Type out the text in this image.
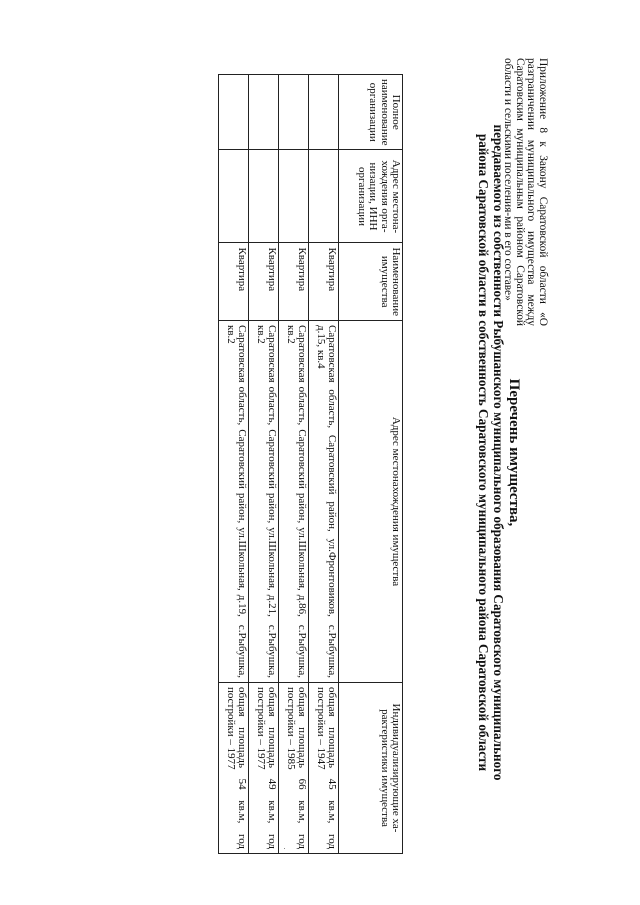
Приложение 8 к Закону Саратовской области «О разграничении муниципального имущества между Саратовским муниципальным районом Саратовской области и сельскими поселения-ми в его составе»
Перечень имущества,
передаваемого из собственности Рыбушанского муниципального образования Саратовского муниципального
района Саратовской области в собственность Саратовского муниципального района Саратовской области
Полное наименование организации	Адрес местона-хождения орга-низации, ИНН организации	Наименование имущества	Адрес местонахождения имущества		Индивидуализирующие ха-рактеристики имущества
		Квартира	Саратовская область, Саратовский район, ул.Фронтовиков, д.15, кв.4	с.Рыбушка,	общая площадь 45 кв.м, год постройки – 1947
		Квартира	Саратовская область, Саратовский район, ул.Школьная, д.86, кв.2	с.Рыбушка,	общая площадь 66 кв.м, год постройки – 1985
		Квартира	Саратовская область, Саратовский район, ул.Школьная, д.21, кв.2	с.Рыбушка,	общая площадь 49 кв.м, год постройки – 1977
		Квартира	Саратовская область, Саратовский район, ул.Школьная, д.19, кв.2	с.Рыбушка,	общая площадь 54 кв.м, год постройки – 1977
